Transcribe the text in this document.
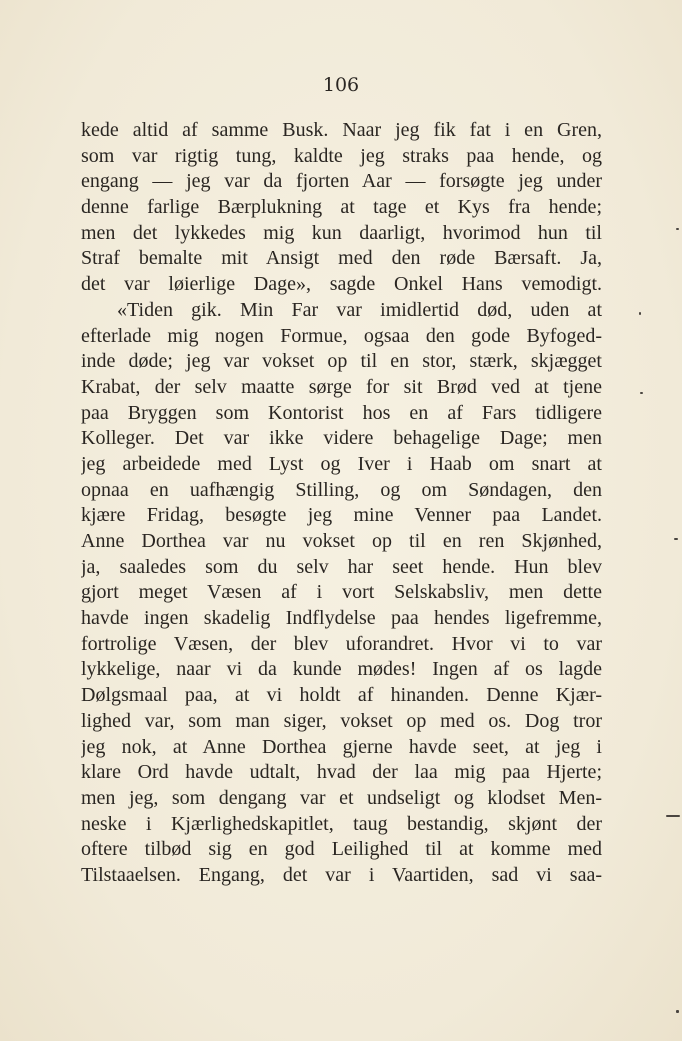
106
kede altid af samme Busk. Naar jeg fik fat i en Gren,
som var rigtig tung, kaldte jeg straks paa hende, og
engang — jeg var da fjorten Aar — forsøgte jeg under
denne farlige Bærplukning at tage et Kys fra hende;
men det lykkedes mig kun daarligt, hvorimod hun til
Straf bemalte mit Ansigt med den røde Bærsaft. Ja,
det var løierlige Dage», sagde Onkel Hans vemodigt.
«Tiden gik. Min Far var imidlertid død, uden at
efterlade mig nogen Formue, ogsaa den gode Byfoged-
inde døde; jeg var vokset op til en stor, stærk, skjægget
Krabat, der selv maatte sørge for sit Brød ved at tjene
paa Bryggen som Kontorist hos en af Fars tidligere
Kolleger. Det var ikke videre behagelige Dage; men
jeg arbeidede med Lyst og Iver i Haab om snart at
opnaa en uafhængig Stilling, og om Søndagen, den
kjære Fridag, besøgte jeg mine Venner paa Landet.
Anne Dorthea var nu vokset op til en ren Skjønhed,
ja, saaledes som du selv har seet hende. Hun blev
gjort meget Væsen af i vort Selskabsliv, men dette
havde ingen skadelig Indflydelse paa hendes ligefremme,
fortrolige Væsen, der blev uforandret. Hvor vi to var
lykkelige, naar vi da kunde mødes! Ingen af os lagde
Dølgsmaal paa, at vi holdt af hinanden. Denne Kjær-
lighed var, som man siger, vokset op med os. Dog tror
jeg nok, at Anne Dorthea gjerne havde seet, at jeg i
klare Ord havde udtalt, hvad der laa mig paa Hjerte;
men jeg, som dengang var et undseligt og klodset Men-
neske i Kjærlighedskapitlet, taug bestandig, skjønt der
oftere tilbød sig en god Leilighed til at komme med
Tilstaaelsen. Engang, det var i Vaartiden, sad vi saa-
